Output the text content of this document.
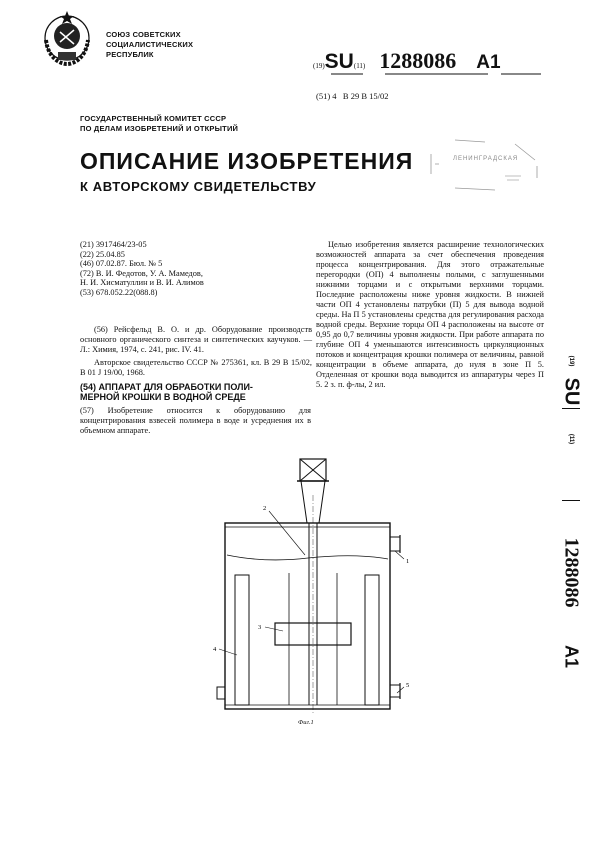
СОЮЗ СОВЕТСКИХ
СОЦИАЛИСТИЧЕСКИХ
РЕСПУБЛИК
(19)SU(11) 1288086 A1
(51) 4 B 29 B 15/02
ГОСУДАРСТВЕННЫЙ КОМИТЕТ СССР
ПО ДЕЛАМ ИЗОБРЕТЕНИЙ И ОТКРЫТИЙ
ОПИСАНИЕ ИЗОБРЕТЕНИЯ
К АВТОРСКОМУ СВИДЕТЕЛЬСТВУ
ЛЕНИНГРАДСКАЯ
(21) 3917464/23-05
(22) 25.04.85
(46) 07.02.87. Бюл. № 5
(72) В. И. Федотов, У. А. Мамедов,
Н. И. Хисматуллин и В. И. Алимов
(53) 678.052.22(088.8)

(56) Рейсфельд В. О. и др. Оборудование производств основного органического синтеза и синтетических каучуков. — Л.: Химия, 1974, с. 241, рис. IV. 41.

Авторское свидетельство СССР № 275361, кл. В 29 В 15/02, В 01 J 19/00, 1968.

(54) АППАРАТ ДЛЯ ОБРАБОТКИ ПОЛИ-
МЕРНОЙ КРОШКИ В ВОДНОЙ СРЕДЕ

(57) Изобретение относится к оборудованию для концентрирования взвесей полимера в воде и усреднения их в объемном аппарате.

Целью изобретения является расширение технологических возможностей аппарата за счет обеспечения проведения процесса концентрирования. Для этого отражательные перегородки (ОП) 4 выполнены полыми, с заглушенными нижними торцами и с открытыми верхними торцами. Последние расположены ниже уровня жидкости. В нижней части ОП 4 установлены патрубки (П) 5 для вывода водной среды. На П 5 установлены средства для регулирования расхода водной среды. Верхние торцы ОП 4 расположены на высоте от 0,95 до 0,7 величины уровня жидкости. При работе аппарата по глубине ОП 4 уменьшаются интенсивность циркуляционных потоков и концентрация крошки полимера от величины, равной концентрации в объеме аппарата, до нуля в зоне П 5. Отделенная от крошки вода выводится из аппаратуры через П 5. 2 з. п. ф-лы, 2 ил.

(19)
SU
(11)
1288086
A1
2
3
4
1
5
Фиг.1
